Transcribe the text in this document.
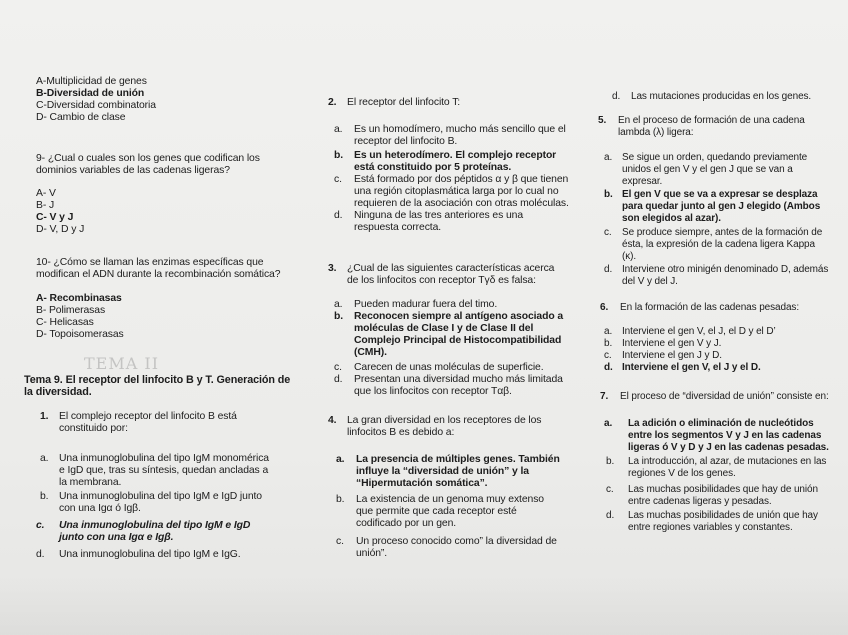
A-Multiplicidad de genes
B-Diversidad de unión
C-Diversidad combinatoria
D- Cambio de clase
9- ¿Cual o cuales son los genes que codifican los
dominios variables de las cadenas ligeras?
A- V
B- J
C- V y J
D- V, D y J
10- ¿Cómo se llaman las enzimas específicas que
modifican el ADN durante la recombinación somática?
A- Recombinasas
B- Polimerasas
C- Helicasas
D- Topoisomerasas
TEMA II
Tema 9. El receptor del linfocito B y T. Generación de
la diversidad.
1. El complejo receptor del linfocito B está
constituido por:
a. Una inmunoglobulina del tipo IgM monomérica
e IgD que, tras su síntesis, quedan ancladas a
la membrana.
b. Una inmunoglobulina del tipo IgM e IgD junto
con una Igα ó Igβ.
c. Una inmunoglobulina del tipo IgM e IgD
junto con una Igα e Igβ.
d. Una inmunoglobulina del tipo IgM e IgG.
2. El receptor del linfocito T:
a. Es un homodímero, mucho más sencillo que el
receptor del linfocito B.
b. Es un heterodímero. El complejo receptor
está constituido por 5 proteínas.
c. Está formado por dos péptidos α y β que tienen
una región citoplasmática larga por lo cual no
requieren de la asociación con otras moléculas.
d. Ninguna de las tres anteriores es una
respuesta correcta.
3. ¿Cual de las siguientes características acerca
de los linfocitos con receptor Tγδ es falsa:
a. Pueden madurar fuera del timo.
b. Reconocen siempre al antígeno asociado a
moléculas de Clase I y de Clase II del
Complejo Principal de Histocompatibilidad
(CMH).
c. Carecen de unas moléculas de superficie.
d. Presentan una diversidad mucho más limitada
que los linfocitos con receptor Tαβ.
4. La gran diversidad en los receptores de los
linfocitos B es debido a:
a. La presencia de múltiples genes. También
influye la “diversidad de unión” y la
“Hipermutación somática”.
b. La existencia de un genoma muy extenso
que permite que cada receptor esté
codificado por un gen.
c. Un proceso conocido como” la diversidad de
unión”.
d. Las mutaciones producidas en los genes.
5. En el proceso de formación de una cadena
lambda (λ) ligera:
a. Se sigue un orden, quedando previamente
unidos el gen V y el gen J que se van a
expresar.
b. El gen V que se va a expresar se desplaza
para quedar junto al gen J elegido (Ambos
son elegidos al azar).
c. Se produce siempre, antes de la formación de
ésta, la expresión de la cadena ligera Kappa
(κ).
d. Interviene otro minigén denominado D, además
del V y del J.
6. En la formación de las cadenas pesadas:
a. Interviene el gen V, el J, el D y el D’
b. Interviene el gen V y J.
c. Interviene el gen J y D.
d. Interviene el gen V, el J y el D.
7. El proceso de “diversidad de unión” consiste en:
a. La adición o eliminación de nucleótidos
entre los segmentos V y J en las cadenas
ligeras ó V y D y J en las cadenas pesadas.
b. La introducción, al azar, de mutaciones en las
regiones V de los genes.
c. Las muchas posibilidades que hay de unión
entre cadenas ligeras y pesadas.
d. Las muchas posibilidades de unión que hay
entre regiones variables y constantes.
